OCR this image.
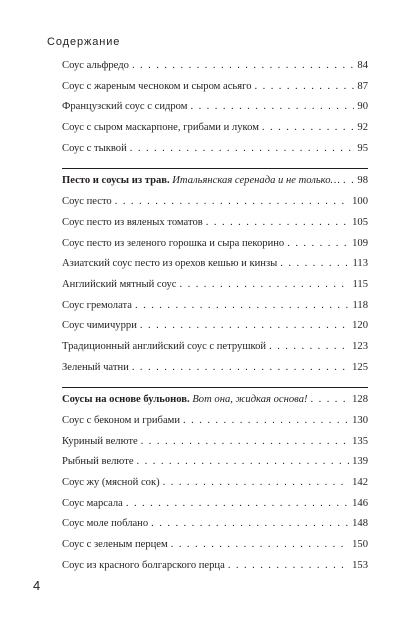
Содержание
Соус альфредо . . .	84
Соус с жареным чесноком и сыром асьяго . . .	87
Французский соус с сидром . . .	90
Соус с сыром маскарпоне, грибами и луком . . .	92
Соус с тыквой . . .	95
Песто и соусы из трав. Итальянская серенада и не только… . . . 98
Соус песто . . .	100
Соус песто из вяленых томатов . . .	105
Соус песто из зеленого горошка и сыра пекорино . . .	109
Азиатский соус песто из орехов кешью и кинзы . . .	113
Английский мятный соус . . .	115
Соус гремолата . . .	118
Соус чимичурри . . .	120
Традиционный английский соус с петрушкой . . .	123
Зеленый чатни . . .	125
Соусы на основе бульонов. Вот она, жидкая основа! . . .	128
Соус с беконом и грибами . . .	130
Куриный велюте . . .	135
Рыбный велюте . . .	139
Соус жу (мясной сок) . . .	142
Соус марсала . . .	146
Соус моле поблано . . .	148
Соус с зеленым перцем . . .	150
Соус из красного болгарского перца . . .	153
4
